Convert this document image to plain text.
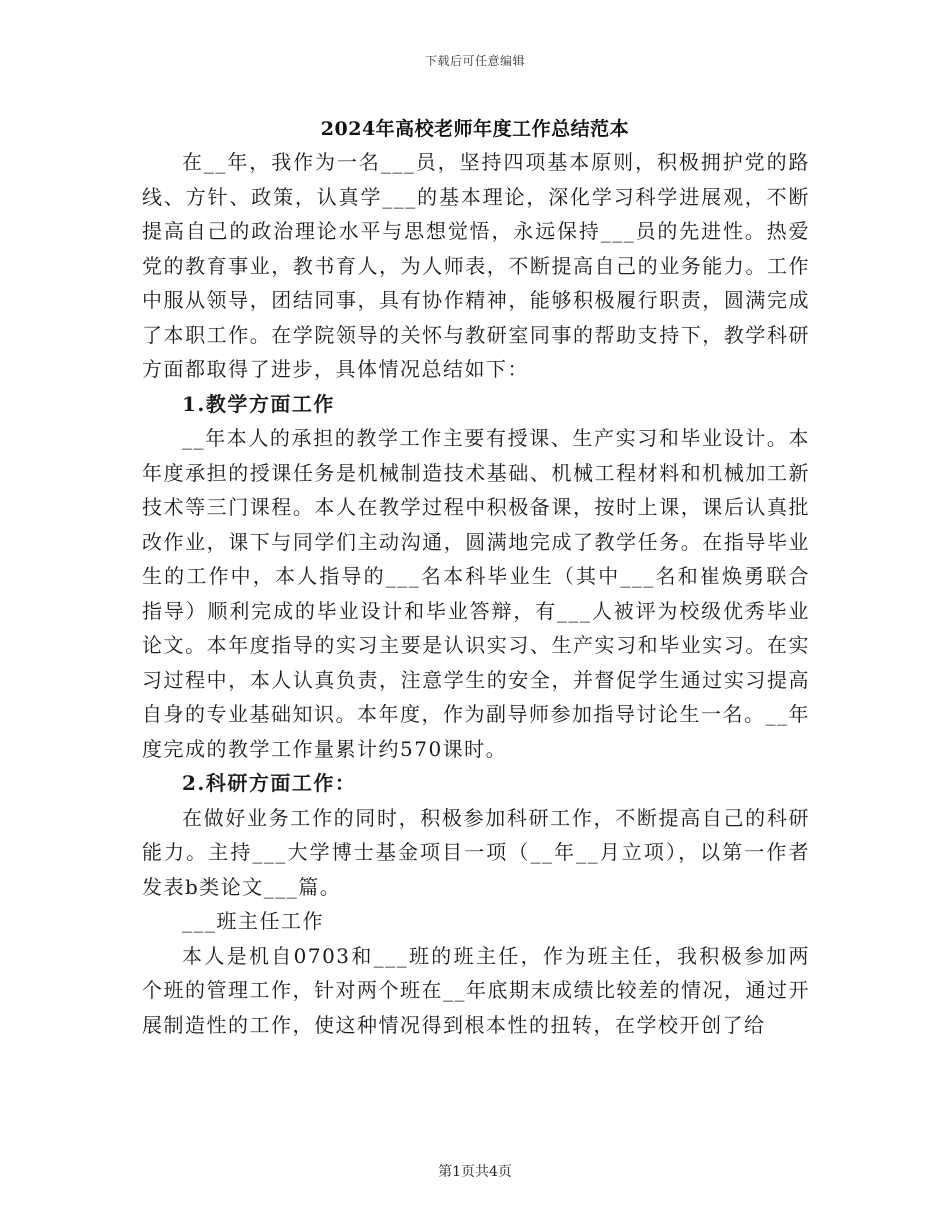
下载后可任意编辑
2024年高校老师年度工作总结范本

在__年，我作为一名___员，坚持四项基本原则，积极拥护党的路线、方针、政策，认真学___的基本理论，深化学习科学进展观，不断提高自己的政治理论水平与思想觉悟，永远保持___员的先进性。热爱党的教育事业，教书育人，为人师表，不断提高自己的业务能力。工作中服从领导，团结同事，具有协作精神，能够积极履行职责，圆满完成了本职工作。在学院领导的关怀与教研室同事的帮助支持下，教学科研方面都取得了进步，具体情况总结如下：

1.教学方面工作

__年本人的承担的教学工作主要有授课、生产实习和毕业设计。本年度承担的授课任务是机械制造技术基础、机械工程材料和机械加工新技术等三门课程。本人在教学过程中积极备课，按时上课，课后认真批改作业，课下与同学们主动沟通，圆满地完成了教学任务。在指导毕业生的工作中，本人指导的___名本科毕业生（其中___名和崔焕勇联合指导）顺利完成的毕业设计和毕业答辩，有___人被评为校级优秀毕业论文。本年度指导的实习主要是认识实习、生产实习和毕业实习。在实习过程中，本人认真负责，注意学生的安全，并督促学生通过实习提高自身的专业基础知识。本年度，作为副导师参加指导讨论生一名。__年度完成的教学工作量累计约570课时。

2.科研方面工作：

在做好业务工作的同时，积极参加科研工作，不断提高自己的科研能力。主持___大学博士基金项目一项（__年__月立项），以第一作者发表b类论文___篇。

___班主任工作

本人是机自0703和___班的班主任，作为班主任，我积极参加两个班的管理工作，针对两个班在__年底期末成绩比较差的情况，通过开展制造性的工作，使这种情况得到根本性的扭转，在学校开创了给

第1页共4页
